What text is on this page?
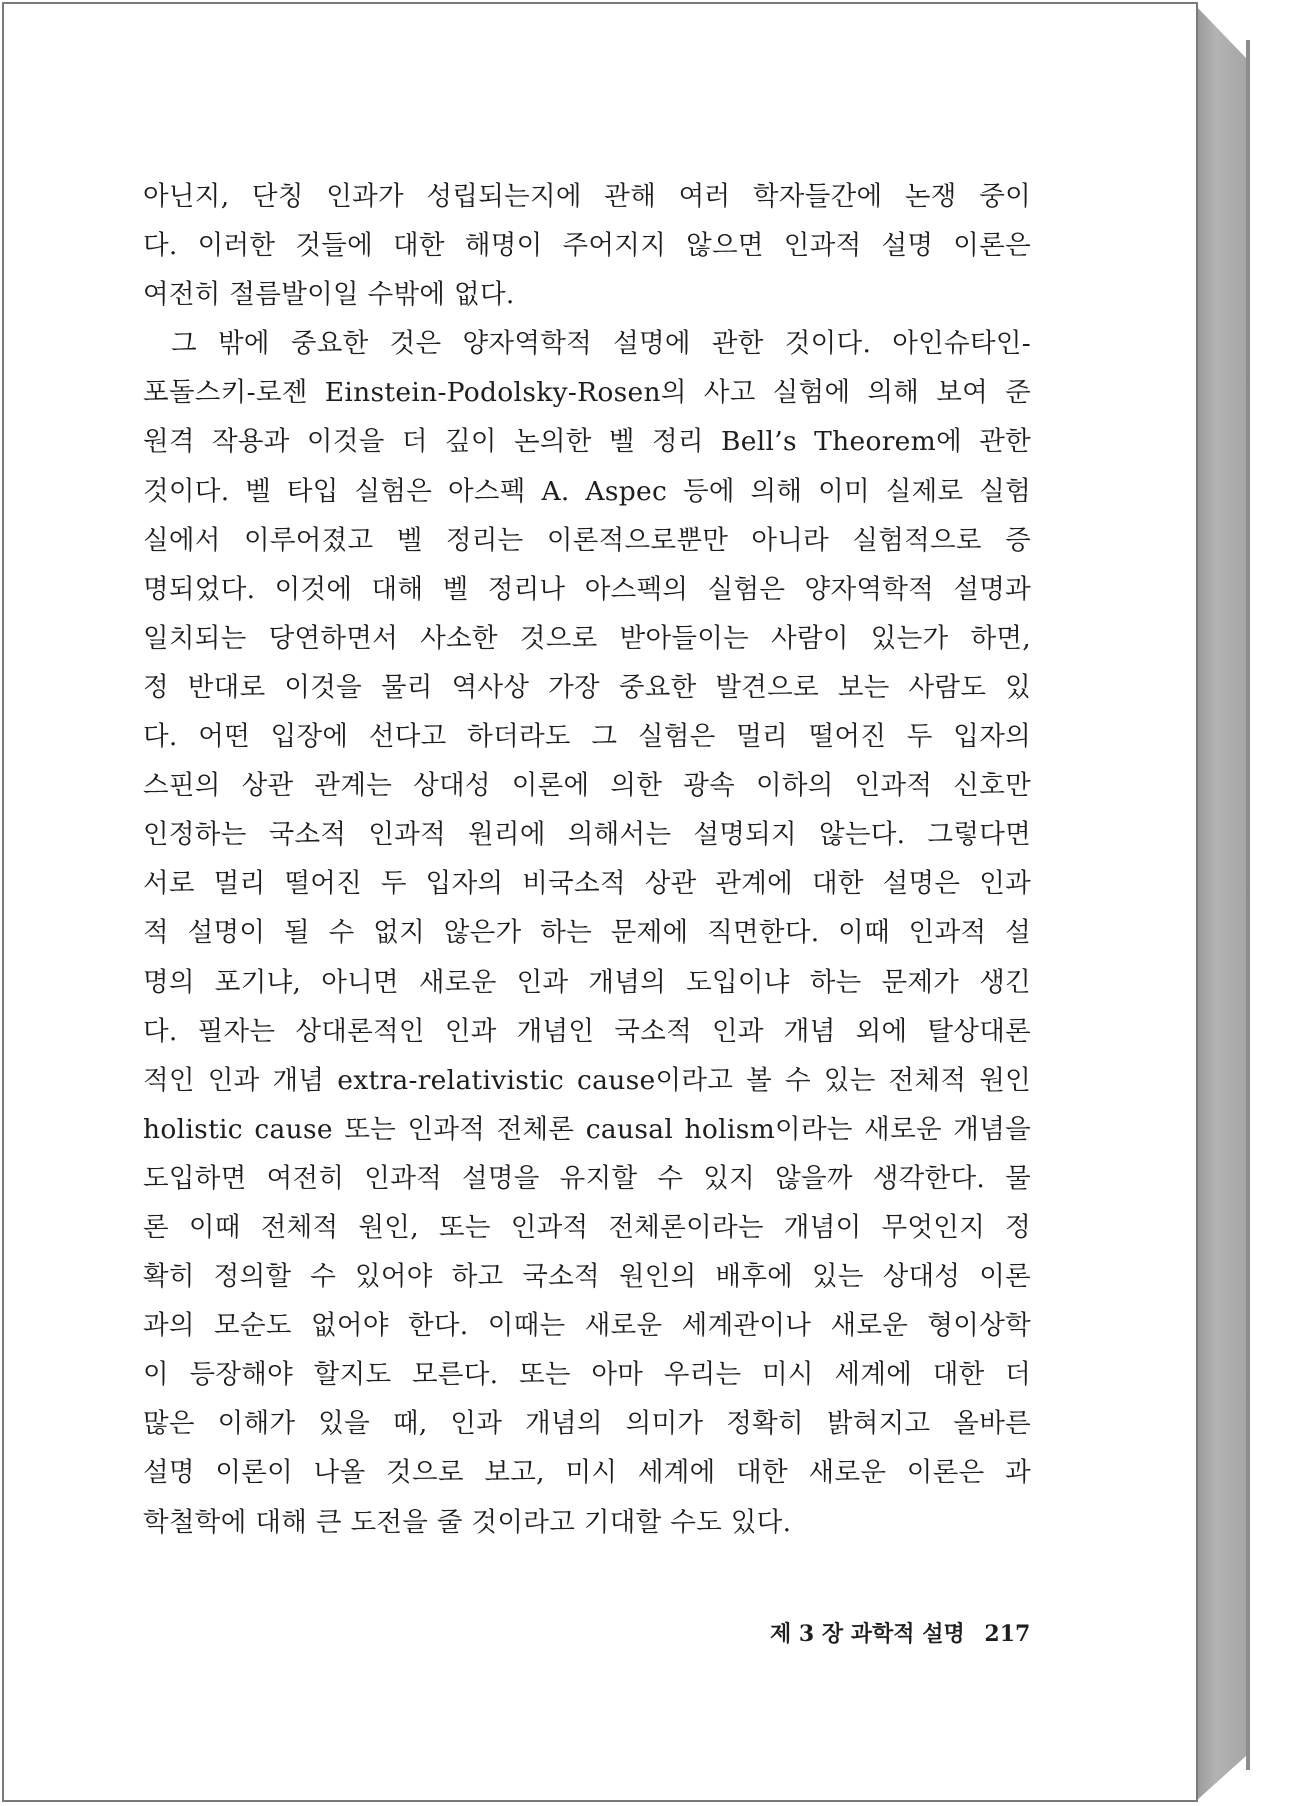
아닌지, 단칭 인과가 성립되는지에 관해 여러 학자들간에 논쟁 중이
다. 이러한 것들에 대한 해명이 주어지지 않으면 인과적 설명 이론은
여전히 절름발이일 수밖에 없다.
그 밖에 중요한 것은 양자역학적 설명에 관한 것이다. 아인슈타인-
포돌스키-로젠 Einstein-Podolsky-Rosen의 사고 실험에 의해 보여 준
원격 작용과 이것을 더 깊이 논의한 벨 정리 Bell’s Theorem에 관한
것이다. 벨 타입 실험은 아스펙 A. Aspec 등에 의해 이미 실제로 실험
실에서 이루어졌고 벨 정리는 이론적으로뿐만 아니라 실험적으로 증
명되었다. 이것에 대해 벨 정리나 아스펙의 실험은 양자역학적 설명과
일치되는 당연하면서 사소한 것으로 받아들이는 사람이 있는가 하면,
정 반대로 이것을 물리 역사상 가장 중요한 발견으로 보는 사람도 있
다. 어떤 입장에 선다고 하더라도 그 실험은 멀리 떨어진 두 입자의
스핀의 상관 관계는 상대성 이론에 의한 광속 이하의 인과적 신호만
인정하는 국소적 인과적 원리에 의해서는 설명되지 않는다. 그렇다면
서로 멀리 떨어진 두 입자의 비국소적 상관 관계에 대한 설명은 인과
적 설명이 될 수 없지 않은가 하는 문제에 직면한다. 이때 인과적 설
명의 포기냐, 아니면 새로운 인과 개념의 도입이냐 하는 문제가 생긴
다. 필자는 상대론적인 인과 개념인 국소적 인과 개념 외에 탈상대론
적인 인과 개념 extra-relativistic cause이라고 볼 수 있는 전체적 원인
holistic cause 또는 인과적 전체론 causal holism이라는 새로운 개념을
도입하면 여전히 인과적 설명을 유지할 수 있지 않을까 생각한다. 물
론 이때 전체적 원인, 또는 인과적 전체론이라는 개념이 무엇인지 정
확히 정의할 수 있어야 하고 국소적 원인의 배후에 있는 상대성 이론
과의 모순도 없어야 한다. 이때는 새로운 세계관이나 새로운 형이상학
이 등장해야 할지도 모른다. 또는 아마 우리는 미시 세계에 대한 더
많은 이해가 있을 때, 인과 개념의 의미가 정확히 밝혀지고 올바른
설명 이론이 나올 것으로 보고, 미시 세계에 대한 새로운 이론은 과
학철학에 대해 큰 도전을 줄 것이라고 기대할 수도 있다.
제 3 장 과학적 설명 217
